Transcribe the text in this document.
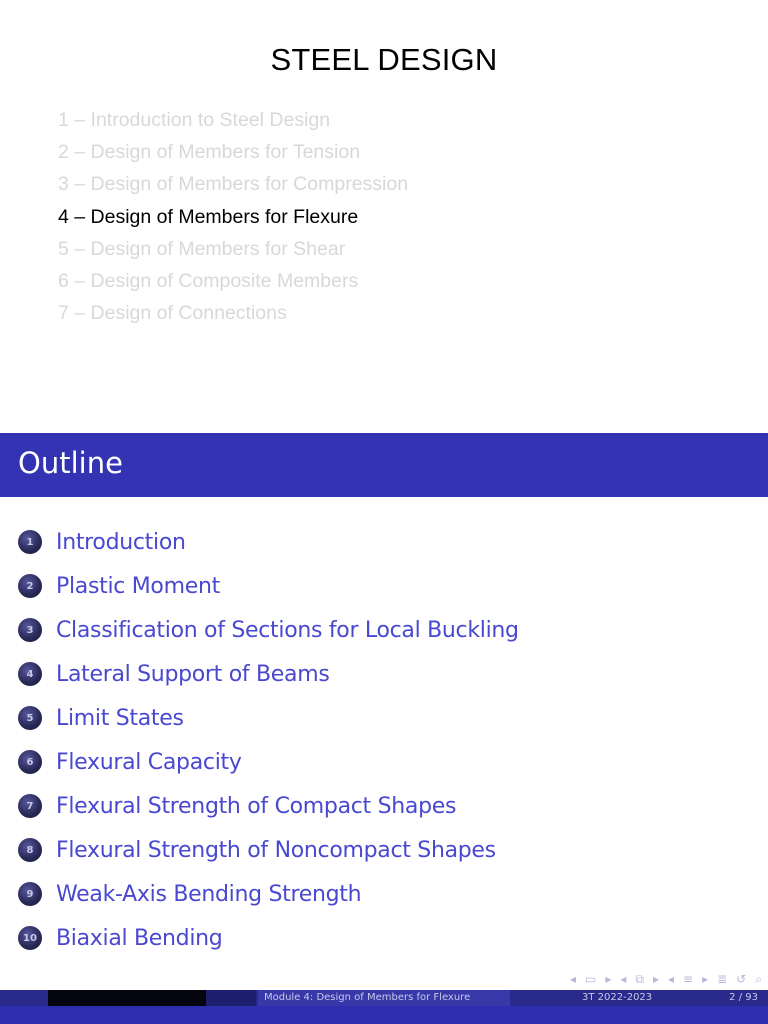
STEEL DESIGN
1 – Introduction to Steel Design
2 – Design of Members for Tension
3 – Design of Members for Compression
4 – Design of Members for Flexure
5 – Design of Members for Shear
6 – Design of Composite Members
7 – Design of Connections
Outline
1	Introduction
2	Plastic Moment
3	Classification of Sections for Local Buckling
4	Lateral Support of Beams
5	Limit States
6	Flexural Capacity
7	Flexural Strength of Compact Shapes
8	Flexural Strength of Noncompact Shapes
9	Weak-Axis Bending Strength
10 Biaxial Bending
◂ ▭ ▸ ◂ ⧉ ▸ ◂ ≡ ▸ ≣ ↺ ⌕
Module 4: Design of Members for Flexure	3T 2022-2023	2 / 93
